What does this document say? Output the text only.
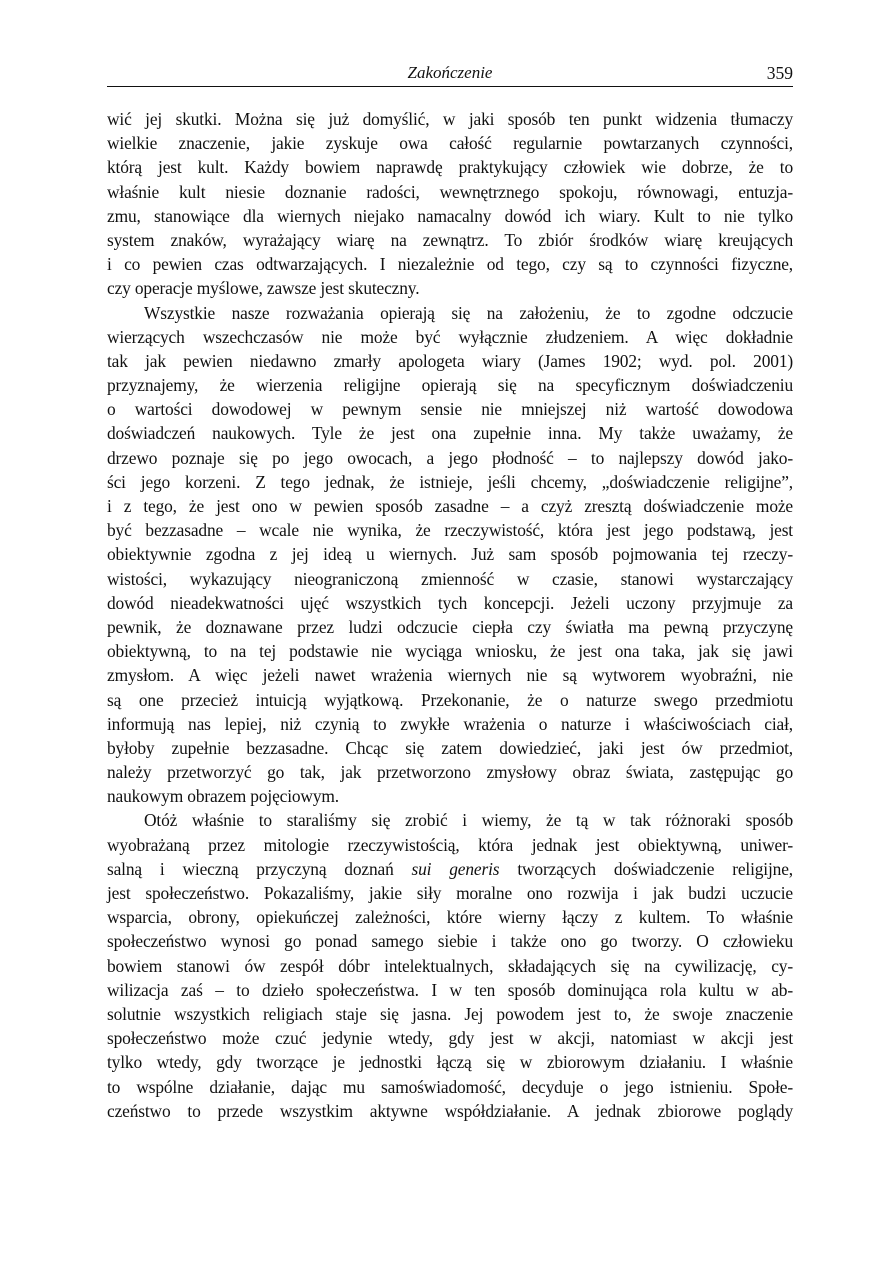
Zakończenie	359
wić jej skutki. Można się już domyślić, w jaki sposób ten punkt widzenia tłumaczy
wielkie znaczenie, jakie zyskuje owa całość regularnie powtarzanych czynności,
którą jest kult. Każdy bowiem naprawdę praktykujący człowiek wie dobrze, że to
właśnie kult niesie doznanie radości, wewnętrznego spokoju, równowagi, entuzja-
zmu, stanowiące dla wiernych niejako namacalny dowód ich wiary. Kult to nie tylko
system znaków, wyrażający wiarę na zewnątrz. To zbiór środków wiarę kreujących
i co pewien czas odtwarzających. I niezależnie od tego, czy są to czynności fizyczne,
czy operacje myślowe, zawsze jest skuteczny.
Wszystkie nasze rozważania opierają się na założeniu, że to zgodne odczucie
wierzących wszechczasów nie może być wyłącznie złudzeniem. A więc dokładnie
tak jak pewien niedawno zmarły apologeta wiary (James 1902; wyd. pol. 2001)
przyznajemy, że wierzenia religijne opierają się na specyficznym doświadczeniu
o wartości dowodowej w pewnym sensie nie mniejszej niż wartość dowodowa
doświadczeń naukowych. Tyle że jest ona zupełnie inna. My także uważamy, że
drzewo poznaje się po jego owocach, a jego płodność – to najlepszy dowód jako-
ści jego korzeni. Z tego jednak, że istnieje, jeśli chcemy, „doświadczenie religijne”,
i z tego, że jest ono w pewien sposób zasadne – a czyż zresztą doświadczenie może
być bezzasadne – wcale nie wynika, że rzeczywistość, która jest jego podstawą, jest
obiektywnie zgodna z jej ideą u wiernych. Już sam sposób pojmowania tej rzeczy-
wistości, wykazujący nieograniczoną zmienność w czasie, stanowi wystarczający
dowód nieadekwatności ujęć wszystkich tych koncepcji. Jeżeli uczony przyjmuje za
pewnik, że doznawane przez ludzi odczucie ciepła czy światła ma pewną przyczynę
obiektywną, to na tej podstawie nie wyciąga wniosku, że jest ona taka, jak się jawi
zmysłom. A więc jeżeli nawet wrażenia wiernych nie są wytworem wyobraźni, nie
są one przecież intuicją wyjątkową. Przekonanie, że o naturze swego przedmiotu
informują nas lepiej, niż czynią to zwykłe wrażenia o naturze i właściwościach ciał,
byłoby zupełnie bezzasadne. Chcąc się zatem dowiedzieć, jaki jest ów przedmiot,
należy przetworzyć go tak, jak przetworzono zmysłowy obraz świata, zastępując go
naukowym obrazem pojęciowym.
Otóż właśnie to staraliśmy się zrobić i wiemy, że tą w tak różnoraki sposób
wyobrażaną przez mitologie rzeczywistością, która jednak jest obiektywną, uniwer-
salną i wieczną przyczyną doznań sui generis tworzących doświadczenie religijne,
jest społeczeństwo. Pokazaliśmy, jakie siły moralne ono rozwija i jak budzi uczucie
wsparcia, obrony, opiekuńczej zależności, które wierny łączy z kultem. To właśnie
społeczeństwo wynosi go ponad samego siebie i także ono go tworzy. O człowieku
bowiem stanowi ów zespół dóbr intelektualnych, składających się na cywilizację, cy-
wilizacja zaś – to dzieło społeczeństwa. I w ten sposób dominująca rola kultu w ab-
solutnie wszystkich religiach staje się jasna. Jej powodem jest to, że swoje znaczenie
społeczeństwo może czuć jedynie wtedy, gdy jest w akcji, natomiast w akcji jest
tylko wtedy, gdy tworzące je jednostki łączą się w zbiorowym działaniu. I właśnie
to wspólne działanie, dając mu samoświadomość, decyduje o jego istnieniu. Społe-
czeństwo to przede wszystkim aktywne współdziałanie. A jednak zbiorowe poglądy
